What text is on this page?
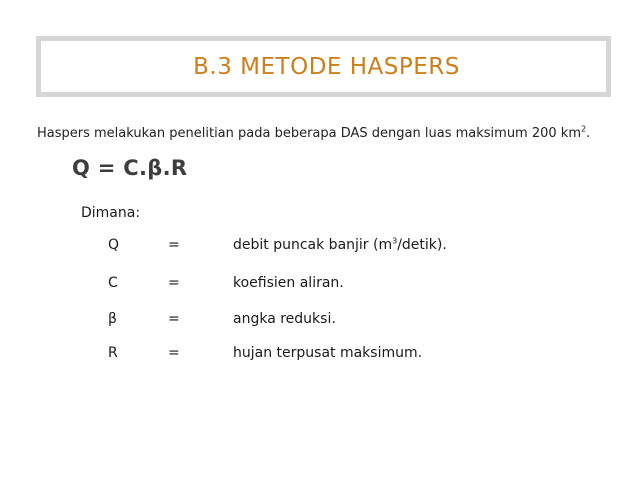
B.3 METODE HASPERS
Haspers melakukan penelitian pada beberapa DAS dengan luas maksimum 200 $km^2$.
Q = C.β.R
Dimana:
Q	=	debit puncak banjir $(m^3/detik)$.
C	=	koefisien aliran.
β	=	angka reduksi.
R	=	hujan terpusat maksimum.
